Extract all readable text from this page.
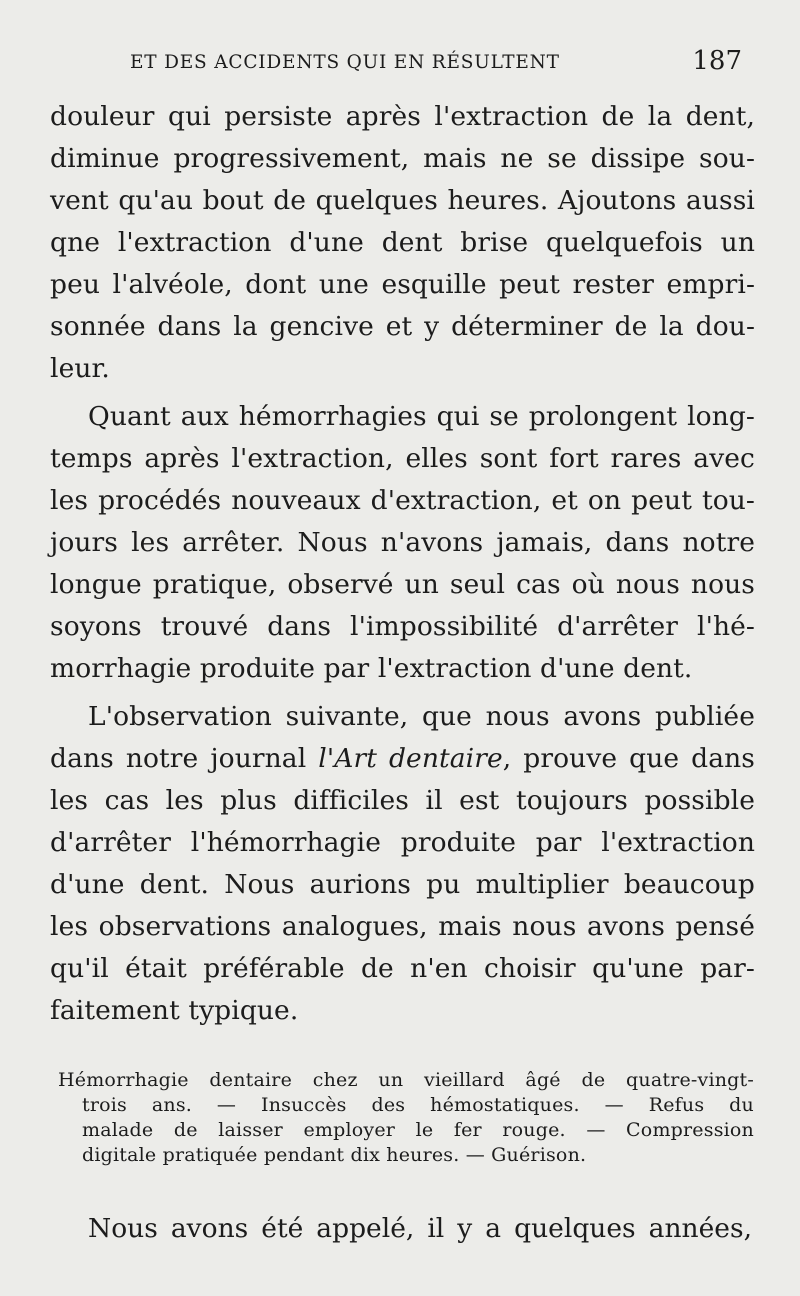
ET DES ACCIDENTS QUI EN RÉSULTENT	187
douleur qui persiste après l'extraction de la dent,
diminue progressivement, mais ne se dissipe sou-
vent qu'au bout de quelques heures. Ajoutons aussi
qne l'extraction d'une dent brise quelquefois un
peu l'alvéole, dont une esquille peut rester empri-
sonnée dans la gencive et y déterminer de la dou-
leur.
Quant aux hémorrhagies qui se prolongent long-
temps après l'extraction, elles sont fort rares avec
les procédés nouveaux d'extraction, et on peut tou-
jours les arrêter. Nous n'avons jamais, dans notre
longue pratique, observé un seul cas où nous nous
soyons trouvé dans l'impossibilité d'arrêter l'hé-
morrhagie produite par l'extraction d'une dent.
L'observation suivante, que nous avons publiée
dans notre journal l'Art dentaire, prouve que dans
les cas les plus difficiles il est toujours possible
d'arrêter l'hémorrhagie produite par l'extraction
d'une dent. Nous aurions pu multiplier beaucoup
les observations analogues, mais nous avons pensé
qu'il était préférable de n'en choisir qu'une par-
faitement typique.
Hémorrhagie dentaire chez un vieillard âgé de quatre-vingt-
trois ans. — Insuccès des hémostatiques. — Refus du
malade de laisser employer le fer rouge. — Compression
digitale pratiquée pendant dix heures. — Guérison.
Nous avons été appelé, il y a quelques années,
